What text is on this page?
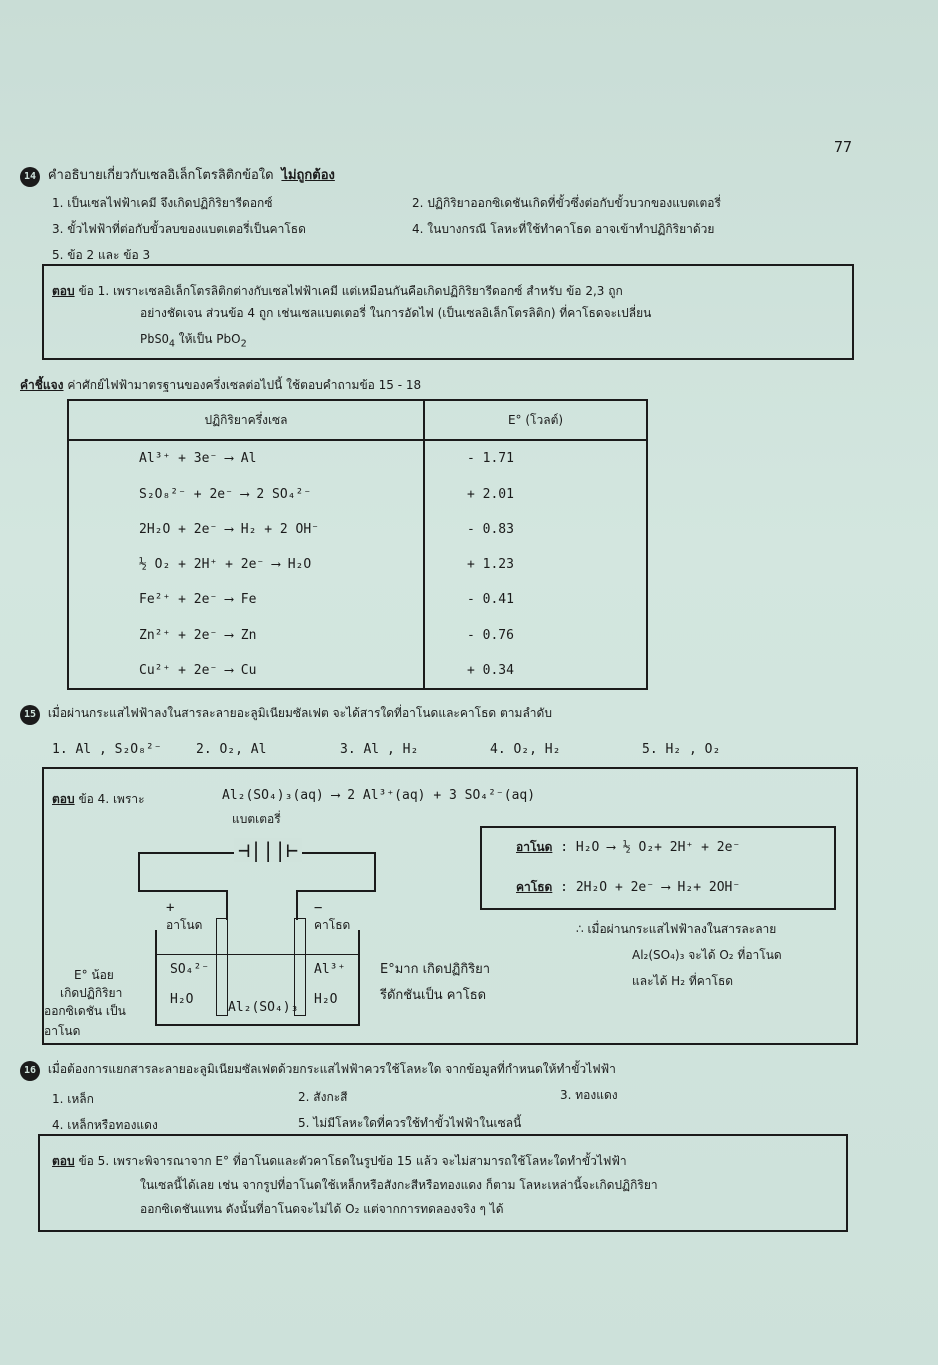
77
14 คำอธิบายเกี่ยวกับเซลอิเล็กโตรลิติกข้อใด ไม่ถูกต้อง
1. เป็นเซลไฟฟ้าเคมี จึงเกิดปฏิกิริยารีดอกซ์	2. ปฏิกิริยาออกซิเดชันเกิดที่ขั้วซึ่งต่อกับขั้วบวกของแบตเตอรี่
3. ขั้วไฟฟ้าที่ต่อกับขั้วลบของแบตเตอรี่เป็นคาโธด	4. ในบางกรณี โลหะที่ใช้ทำคาโธด อาจเข้าทำปฏิกิริยาด้วย
5. ข้อ 2 และ ข้อ 3
ตอบ ข้อ 1. เพราะเซลอิเล็กโตรลิติกต่างกับเซลไฟฟ้าเคมี แต่เหมือนกันคือเกิดปฏิกิริยารีดอกซ์ สำหรับ ข้อ 2,3 ถูก
อย่างชัดเจน ส่วนข้อ 4 ถูก เช่นเซลแบตเตอรี่ ในการอัดไฟ (เป็นเซลอิเล็กโตรลิติก) ที่คาโธดจะเปลี่ยน
PbSO$_4$ ให้เป็น PbO$_2$
คำชี้แจง ค่าศักย์ไฟฟ้ามาตรฐานของครึ่งเซลต่อไปนี้ ใช้ตอบคำถามข้อ 15 - 18
ปฏิกิริยาครึ่งเซล	E° (โวลต์)
Al³⁺ + 3e⁻ ⟶ Al	- 1.71
S₂O₈²⁻ + 2e⁻ ⟶ 2 SO₄²⁻	+ 2.01
2H₂O + 2e⁻ ⟶ H₂ + 2 OH⁻	- 0.83
½ O₂ + 2H⁺ + 2e⁻ ⟶ H₂O	+ 1.23
Fe²⁺ + 2e⁻ ⟶ Fe	- 0.41
Zn²⁺ + 2e⁻ ⟶ Zn	- 0.76
Cu²⁺ + 2e⁻ ⟶ Cu	+ 0.34
15 เมื่อผ่านกระแสไฟฟ้าลงในสารละลายอะลูมิเนียมซัลเฟต จะได้สารใดที่อาโนดและคาโธด ตามลำดับ
1. Al , S₂O₈²⁻	2. O₂, Al	3. Al , H₂	4. O₂, H₂	5. H₂ , O₂
ตอบ ข้อ 4. เพราะ	Al₂(SO₄)₃(aq) ⟶ 2 Al³⁺(aq) + 3 SO₄²⁻(aq)
แบตเตอรี่
⊣|||⊢
+
อาโนด
−
คาโธด
SO₄²⁻
H₂O
Al³⁺
H₂O
Al₂(SO₄)₃
E° น้อย
เกิดปฏิกิริยา
ออกซิเดชัน เป็น
อาโนด
E°มาก เกิดปฏิกิริยา
รีดักชันเป็น คาโธด
อาโนด : H₂O ⟶ ½ O₂+ 2H⁺ + 2e⁻
คาโธด : 2H₂O + 2e⁻ ⟶ H₂+ 2OH⁻
∴ เมื่อผ่านกระแสไฟฟ้าลงในสารละลาย
Al₂(SO₄)₃ จะได้ O₂ ที่อาโนด
และได้ H₂ ที่คาโธด
16 เมื่อต้องการแยกสารละลายอะลูมิเนียมซัลเฟตด้วยกระแสไฟฟ้าควรใช้โลหะใด จากข้อมูลที่กำหนดให้ทำขั้วไฟฟ้า
1. เหล็ก	2. สังกะสี	3. ทองแดง
4. เหล็กหรือทองแดง	5. ไม่มีโลหะใดที่ควรใช้ทำขั้วไฟฟ้าในเซลนี้
ตอบ ข้อ 5. เพราะพิจารณาจาก E° ที่อาโนดและตัวคาโธดในรูปข้อ 15 แล้ว จะไม่สามารถใช้โลหะใดทำขั้วไฟฟ้า
ในเซลนี้ได้เลย เช่น จากรูปที่อาโนดใช้เหล็กหรือสังกะสีหรือทองแดง ก็ตาม โลหะเหล่านี้จะเกิดปฏิกิริยา
ออกซิเดชันแทน ดังนั้นที่อาโนดจะไม่ได้ O₂ แต่จากการทดลองจริง ๆ ได้
